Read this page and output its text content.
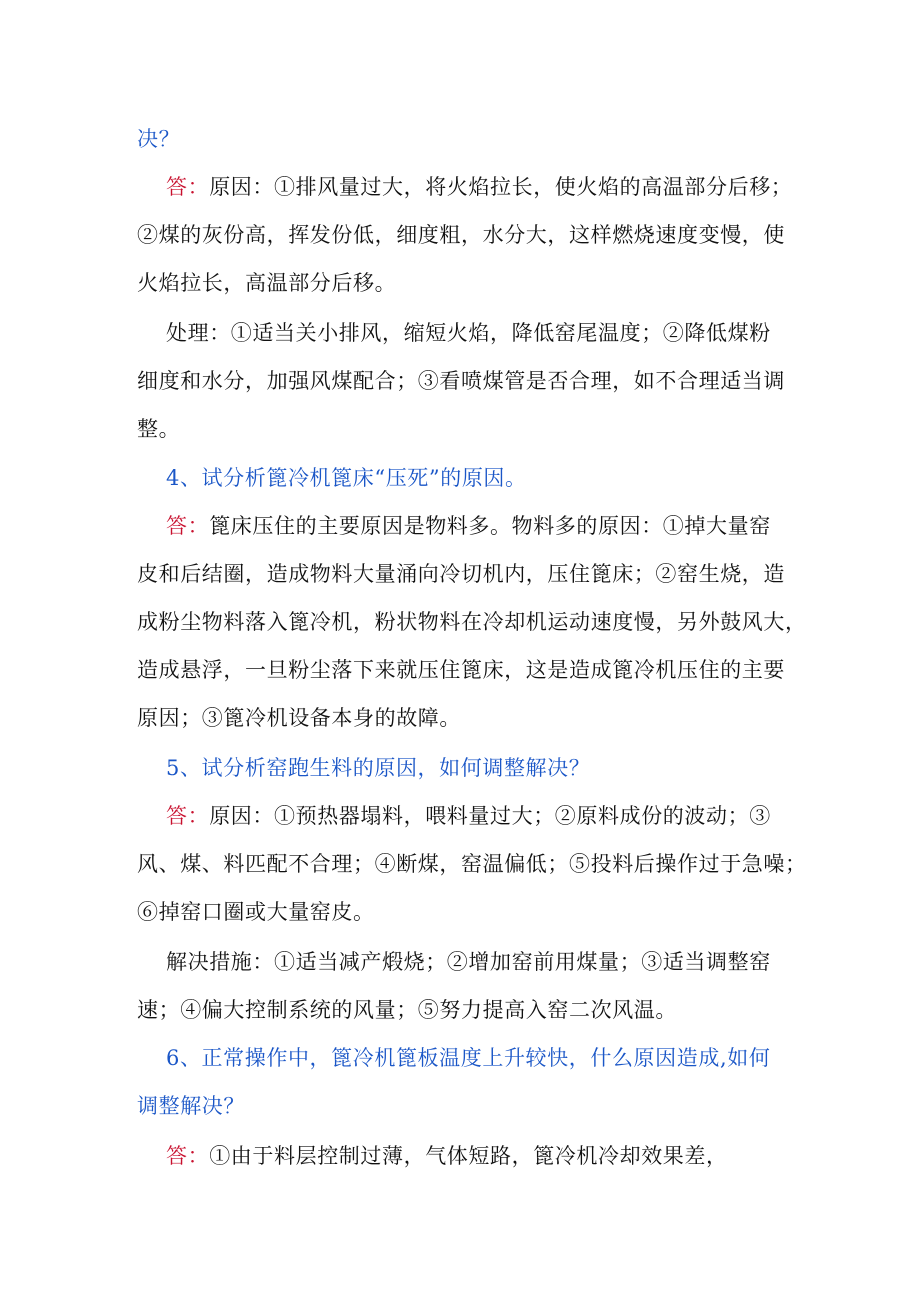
决？
答：原因：①排风量过大，将火焰拉长，使火焰的高温部分后移；
②煤的灰份高，挥发份低，细度粗，水分大，这样燃烧速度变慢，使
火焰拉长，高温部分后移。
处理：①适当关小排风，缩短火焰，降低窑尾温度；②降低煤粉
细度和水分，加强风煤配合；③看喷煤管是否合理，如不合理适当调
整。
4、试分析篦冷机篦床“压死”的原因。
答：篦床压住的主要原因是物料多。物料多的原因：①掉大量窑
皮和后结圈，造成物料大量涌向冷切机内，压住篦床；②窑生烧，造
成粉尘物料落入篦冷机，粉状物料在冷却机运动速度慢，另外鼓风大，
造成悬浮，一旦粉尘落下来就压住篦床，这是造成篦冷机压住的主要
原因；③篦冷机设备本身的故障。
5、试分析窑跑生料的原因，如何调整解决？
答：原因：①预热器塌料，喂料量过大；②原料成份的波动；③
风、煤、料匹配不合理；④断煤，窑温偏低；⑤投料后操作过于急噪；
⑥掉窑口圈或大量窑皮。
解决措施：①适当减产煅烧；②增加窑前用煤量；③适当调整窑
速；④偏大控制系统的风量；⑤努力提高入窑二次风温。
6、正常操作中，篦冷机篦板温度上升较快，什么原因造成,如何
调整解决？
答：①由于料层控制过薄，气体短路，篦冷机冷却效果差，
